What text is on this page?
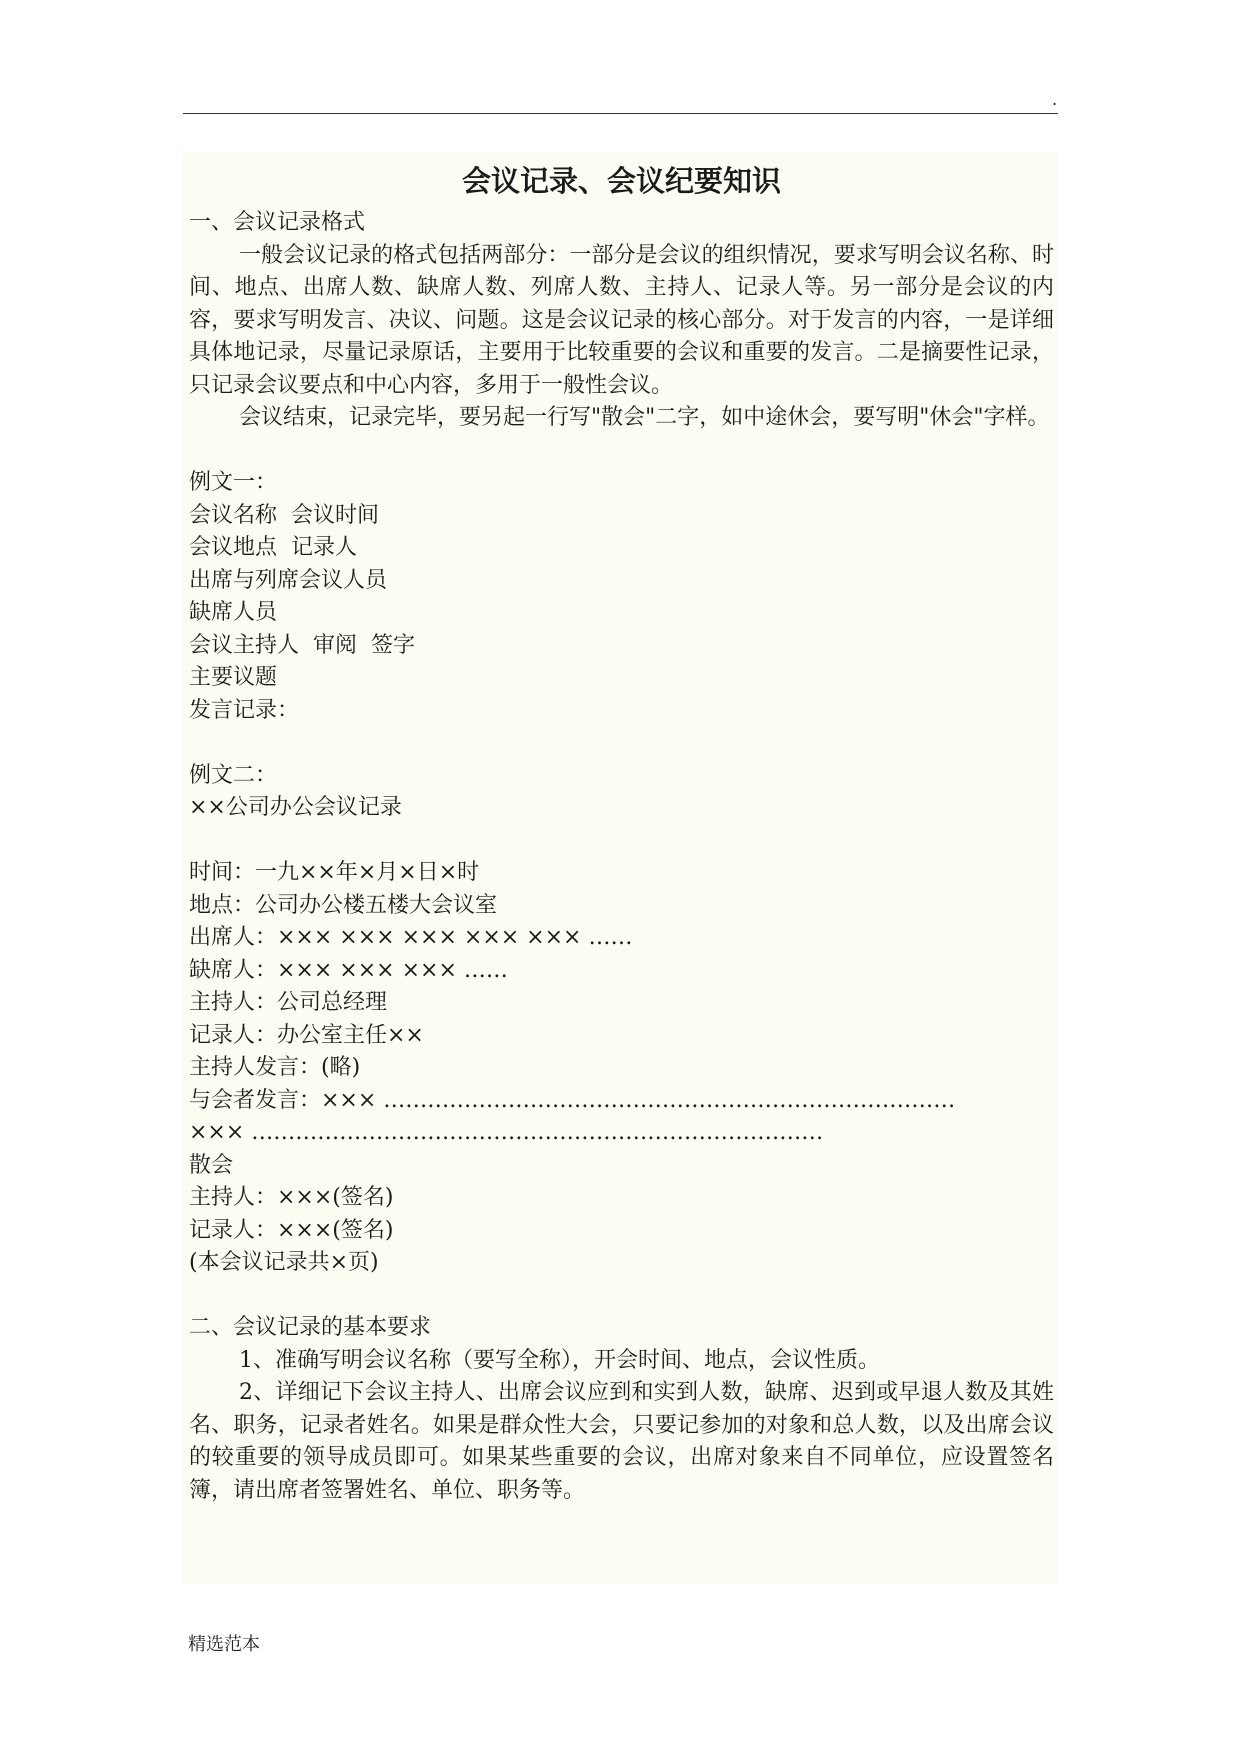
.
会议记录、会议纪要知识
一、会议记录格式

一般会议记录的格式包括两部分：一部分是会议的组织情况，要求写明会议名称、时间、地点、出席人数、缺席人数、列席人数、主持人、记录人等。另一部分是会议的内容，要求写明发言、决议、问题。这是会议记录的核心部分。对于发言的内容，一是详细具体地记录，尽量记录原话，主要用于比较重要的会议和重要的发言。二是摘要性记录，只记录会议要点和中心内容，多用于一般性会议。

会议结束，记录完毕，要另起一行写"散会"二字，如中途休会，要写明"休会"字样。

例文一：
会议名称  会议时间
会议地点  记录人
出席与列席会议人员
缺席人员
会议主持人  审阅  签字
主要议题
发言记录：
例文二：
××公司办公会议记录
时间：一九××年×月×日×时
地点：公司办公楼五楼大会议室
出席人：××× ××× ××× ××× ××× ……
缺席人：××× ××× ××× ……
主持人：公司总经理
记录人：办公室主任××
主持人发言：(略)
与会者发言：××× ……………………………………………………………………
××× ……………………………………………………………………
散会
主持人：×××(签名)
记录人：×××(签名)
(本会议记录共×页)
二、会议记录的基本要求

1、准确写明会议名称（要写全称），开会时间、地点，会议性质。

2、详细记下会议主持人、出席会议应到和实到人数，缺席、迟到或早退人数及其姓名、职务，记录者姓名。如果是群众性大会，只要记参加的对象和总人数，以及出席会议的较重要的领导成员即可。如果某些重要的会议，出席对象来自不同单位，应设置签名簿，请出席者签署姓名、单位、职务等。

精选范本
